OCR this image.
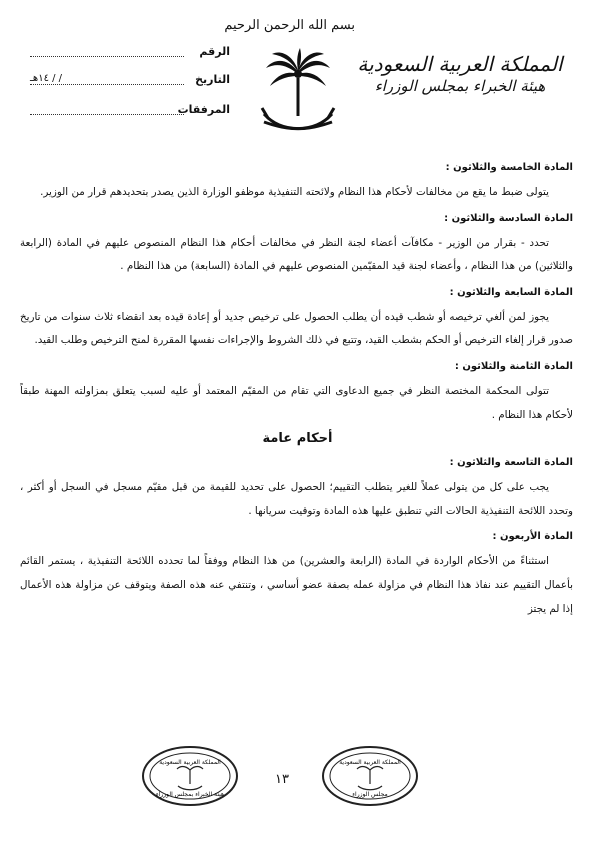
بسم الله الرحمن الرحيم
المملكة العربية السعودية
هيئة الخبراء بمجلس الوزراء
الرقم
التاريخ
/ / ١٤هـ
المرفقات
المادة الخامسة والثلاثون :

يتولى ضبط ما يقع من مخالفات لأحكام هذا النظام ولائحته التنفيذية موظفو الوزارة الذين يصدر بتحديدهم قرار من الوزير.

المادة السادسة والثلاثون :

تحدد - بقرار من الوزير - مكافآت أعضاء لجنة النظر في مخالفات أحكام هذا النظام المنصوص عليهم في المادة (الرابعة والثلاثين) من هذا النظام ، وأعضاء لجنة قيد المقيّمين المنصوص عليهم في المادة (السابعة) من هذا النظام .

المادة السابعة والثلاثون :

يجوز لمن ألغي ترخيصه أو شطب قيده أن يطلب الحصول على ترخيص جديد أو إعادة قيده بعد انقضاء ثلاث سنوات من تاريخ صدور قرار إلغاء الترخيص أو الحكم بشطب القيد، وتتبع في ذلك الشروط والإجراءات نفسها المقررة لمنح الترخيص وطلب القيد.

المادة الثامنة والثلاثون :

تتولى المحكمة المختصة النظر في جميع الدعاوى التي تقام من المقيّم المعتمد أو عليه لسبب يتعلق بمزاولته المهنة طبقاً لأحكام هذا النظام .

أحكام عامة
المادة التاسعة والثلاثون :

يجب على كل من يتولى عملاً للغير يتطلب التقييم؛ الحصول على تحديد للقيمة من قبل مقيّم مسجل في السجل أو أكثر ، وتحدد اللائحة التنفيذية الحالات التي تنطبق عليها هذه المادة وتوقيت سريانها .

المادة الأربعون :

استثناءً من الأحكام الواردة في المادة (الرابعة والعشرين) من هذا النظام ووفقاً لما تحدده اللائحة التنفيذية ، يستمر القائم بأعمال التقييم عند نفاذ هذا النظام في مزاولة عمله بصفة عضو أساسي ، وتنتفي عنه هذه الصفة ويتوقف عن مزاولة هذه الأعمال إذا لم يجتز

المملكة العربية السعودية
هيئة الخبراء بمجلس الوزراء
١٣
المملكة العربية السعودية
مجلس الوزراء
